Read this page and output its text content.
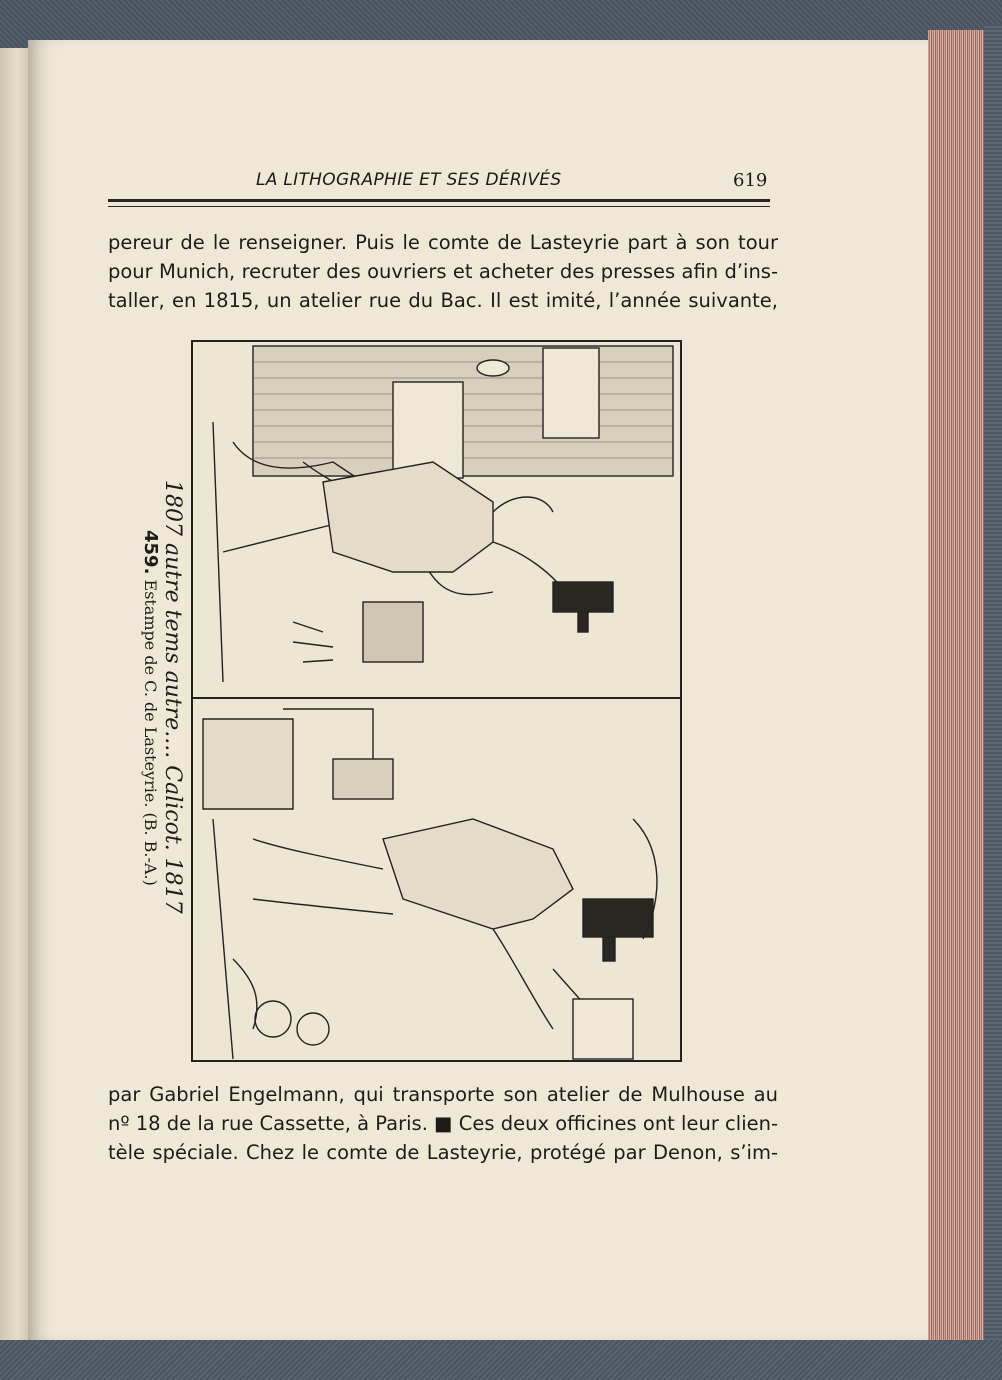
LA LITHOGRAPHIE ET SES DÉRIVÉS	619

pereur de le renseigner. Puis le comte de Lasteyrie part à son tour
pour Munich, recruter des ouvriers et acheter des presses afin d’ins-
taller, en 1815, un atelier rue du Bac. Il est imité, l’année suivante,

1807 autre tems autre.... Calicot. 1817
459. Estampe de C. de Lasteyrie. (B. B.-A.)

par Gabriel Engelmann, qui transporte son atelier de Mulhouse au
nº 18 de la rue Cassette, à Paris. ■ Ces deux officines ont leur clien-
tèle spéciale. Chez le comte de Lasteyrie, protégé par Denon, s’im-
